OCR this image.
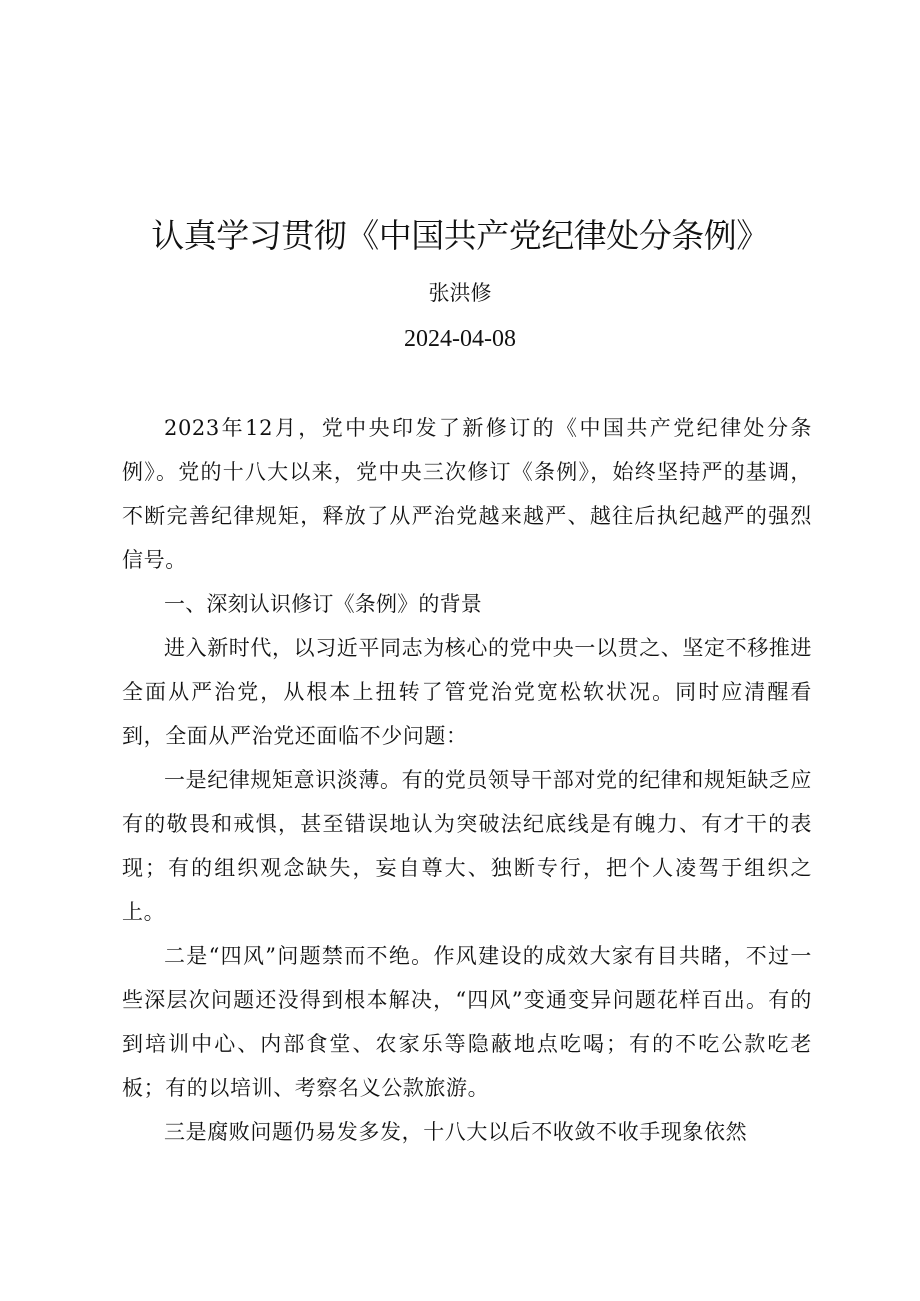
认真学习贯彻《中国共产党纪律处分条例》
张洪修
2024-04-08

2023年12月，党中央印发了新修订的《中国共产党纪律处分条例》。党的十八大以来，党中央三次修订《条例》，始终坚持严的基调，不断完善纪律规矩，释放了从严治党越来越严、越往后执纪越严的强烈信号。

一、深刻认识修订《条例》的背景

进入新时代，以习近平同志为核心的党中央一以贯之、坚定不移推进全面从严治党，从根本上扭转了管党治党宽松软状况。同时应清醒看到，全面从严治党还面临不少问题：

一是纪律规矩意识淡薄。有的党员领导干部对党的纪律和规矩缺乏应有的敬畏和戒惧，甚至错误地认为突破法纪底线是有魄力、有才干的表现；有的组织观念缺失，妄自尊大、独断专行，把个人凌驾于组织之上。

二是“四风”问题禁而不绝。作风建设的成效大家有目共睹，不过一些深层次问题还没得到根本解决，“四风”变通变异问题花样百出。有的到培训中心、内部食堂、农家乐等隐蔽地点吃喝；有的不吃公款吃老板；有的以培训、考察名义公款旅游。

三是腐败问题仍易发多发，十八大以后不收敛不收手现象依然
